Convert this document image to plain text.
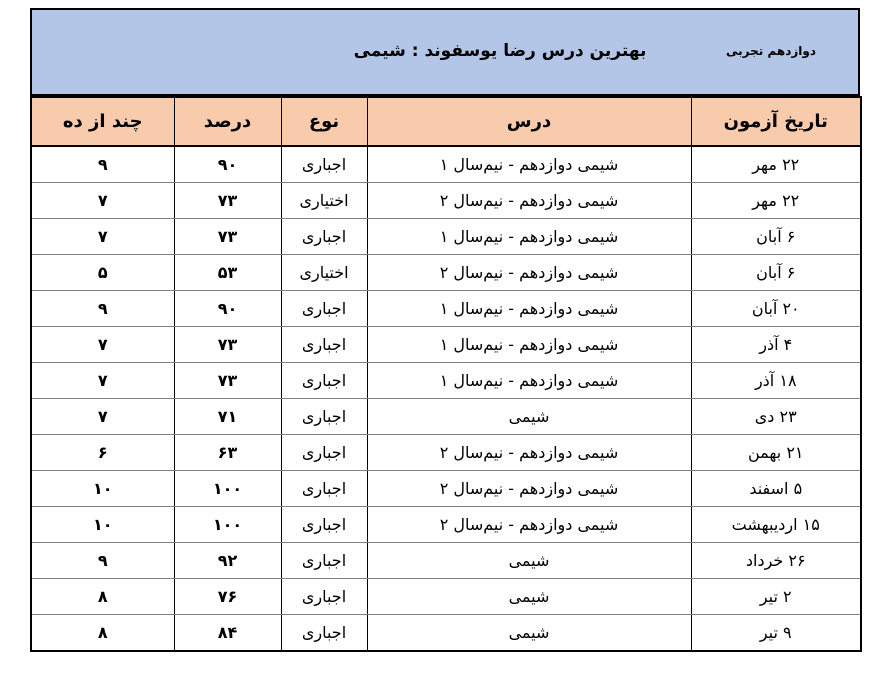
بهترین درس رضا یوسفوند : شیمی	دوازدهم تجربی
تاریخ آزمون	درس	نوع	درصد	چند از ده
۲۲ مهر	شیمی دوازدهم - نیم‌سال ۱	اجباری	۹۰	۹
۲۲ مهر	شیمی دوازدهم - نیم‌سال ۲	اختیاری	۷۳	۷
۶ آبان	شیمی دوازدهم - نیم‌سال ۱	اجباری	۷۳	۷
۶ آبان	شیمی دوازدهم - نیم‌سال ۲	اختیاری	۵۳	۵
۲۰ آبان	شیمی دوازدهم - نیم‌سال ۱	اجباری	۹۰	۹
۴ آذر	شیمی دوازدهم - نیم‌سال ۱	اجباری	۷۳	۷
۱۸ آذر	شیمی دوازدهم - نیم‌سال ۱	اجباری	۷۳	۷
۲۳ دی	شیمی	اجباری	۷۱	۷
۲۱ بهمن	شیمی دوازدهم - نیم‌سال ۲	اجباری	۶۳	۶
۵ اسفند	شیمی دوازدهم - نیم‌سال ۲	اجباری	۱۰۰	۱۰
۱۵ اردیبهشت	شیمی دوازدهم - نیم‌سال ۲	اجباری	۱۰۰	۱۰
۲۶ خرداد	شیمی	اجباری	۹۲	۹
۲ تیر	شیمی	اجباری	۷۶	۸
۹ تیر	شیمی	اجباری	۸۴	۸
